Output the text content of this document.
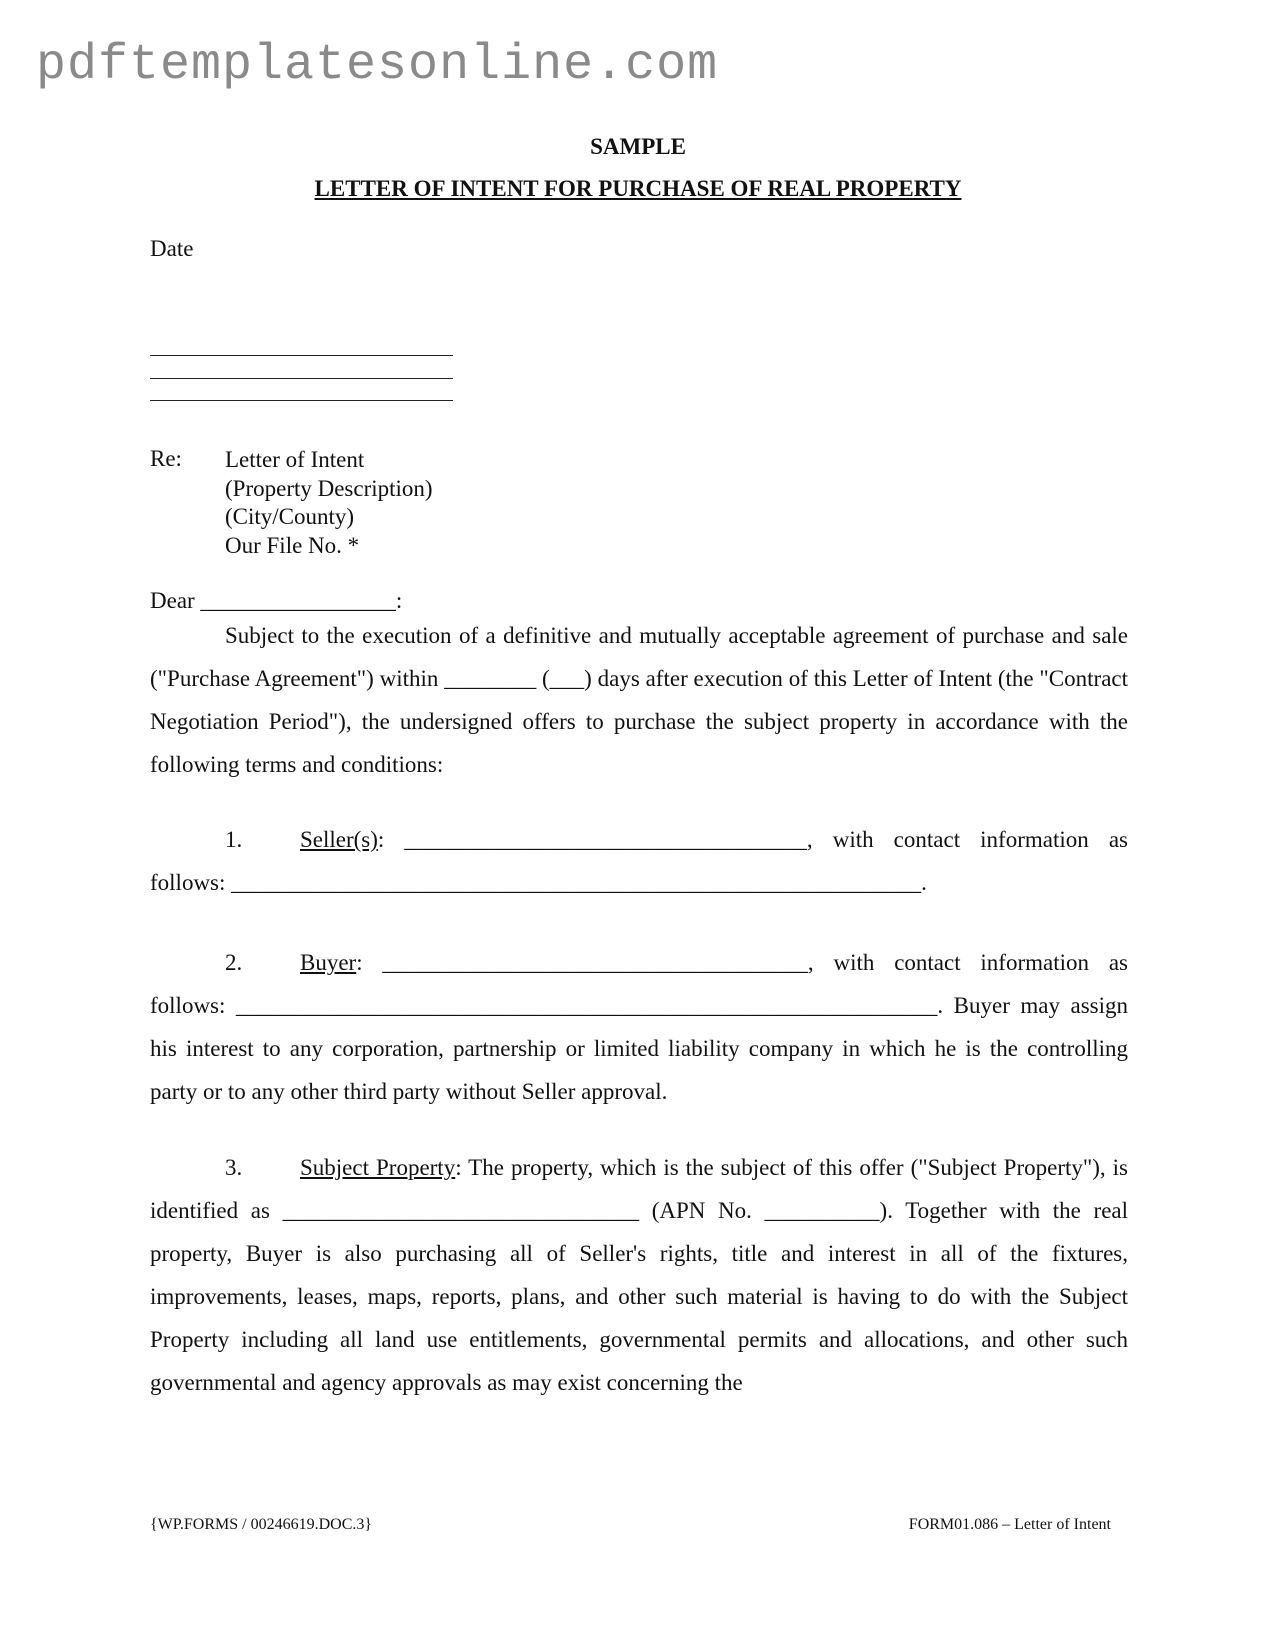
pdftemplatesonline.com
SAMPLE
LETTER OF INTENT FOR PURCHASE OF REAL PROPERTY
Date
Re: Letter of Intent
(Property Description)
(City/County)
Our File No. *
Dear _________________:
Subject to the execution of a definitive and mutually acceptable agreement of purchase and sale ("Purchase Agreement") within ________ (___) days after execution of this Letter of Intent (the "Contract Negotiation Period"), the undersigned offers to purchase the subject property in accordance with the following terms and conditions:
1.	Seller(s): ___________________________________, with contact information as follows: ____________________________________________________________.
2.	Buyer: _____________________________________, with contact information as follows: _____________________________________________________________. Buyer may assign his interest to any corporation, partnership or limited liability company in which he is the controlling party or to any other third party without Seller approval.
3.	Subject Property: The property, which is the subject of this offer ("Subject Property"), is identified as _______________________________ (APN No. __________). Together with the real property, Buyer is also purchasing all of Seller's rights, title and interest in all of the fixtures, improvements, leases, maps, reports, plans, and other such material is having to do with the Subject Property including all land use entitlements, governmental permits and allocations, and other such governmental and agency approvals as may exist concerning the
{WP.FORMS / 00246619.DOC.3}	FORM01.086 – Letter of Intent
